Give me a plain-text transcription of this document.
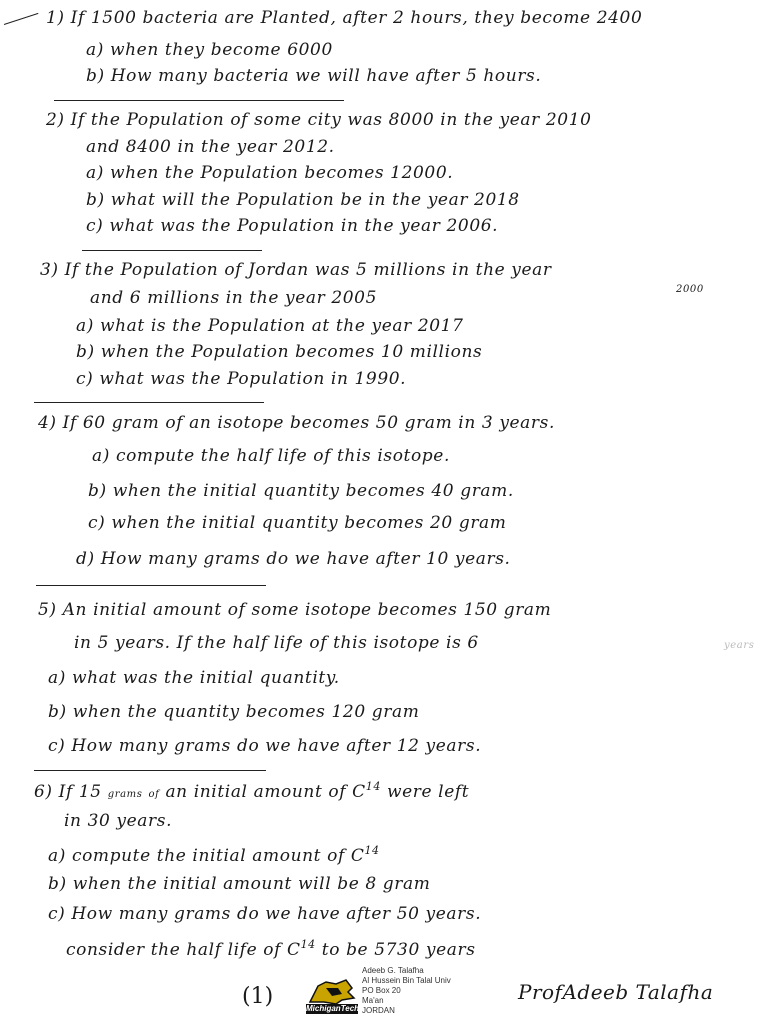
1) If 1500 bacteria are Planted, after 2 hours, they become 2400
a) when they become 6000
b) How many bacteria we will have after 5 hours.
2) If the Population of some city was 8000 in the year 2010
and 8400 in the year 2012.
a) when the Population becomes 12000.
b) what will the Population be in the year 2018
c) what was the Population in the year 2006.
3) If the Population of Jordan was 5 millions in the year
2000
and 6 millions in the year 2005
a) what is the Population at the year 2017
b) when the Population becomes 10 millions
c) what was the Population in 1990.
4) If 60 gram of an isotope becomes 50 gram in 3 years.
a) compute the half life of this isotope.
b) when the initial quantity becomes 40 gram.
c) when the initial quantity becomes 20 gram
d) How many grams do we have after 10 years.
5) An initial amount of some isotope becomes 150 gram
in 5 years. If the half life of this isotope is 6	years
a) what was the initial quantity.
b) when the quantity becomes 120 gram
c) How many grams do we have after 12 years.
6) If 15 grams of an initial amount of $C^{14}$ were left
in 30 years.
a) compute the initial amount of $C^{14}$
b) when the initial amount will be 8 gram
c) How many grams do we have after 50 years.
consider the half life of $C^{14}$ to be 5730 years
(1)	MichiganTech
Adeeb G. Talafha
Al Hussein Bin Talal Univ
PO Box 20
Ma'an
JORDAN
ProfAdeeb Talafha
